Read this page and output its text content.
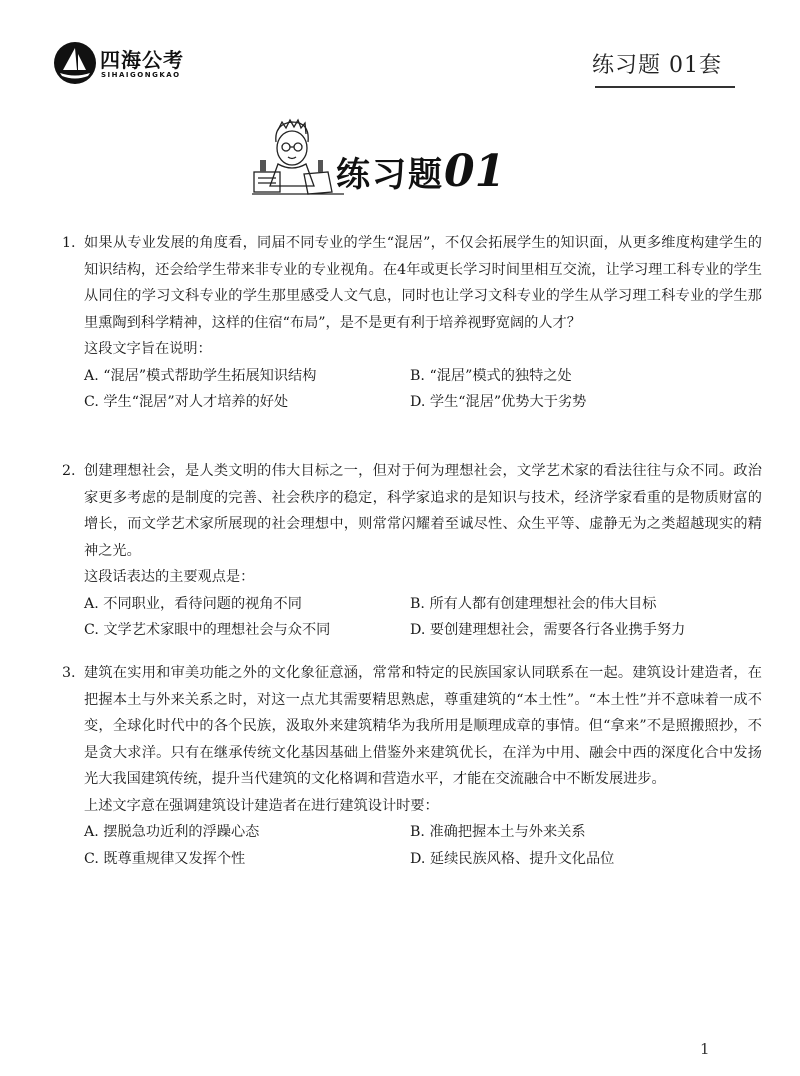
四海公考
SIHAIGONGKAO	练习题 01套
练习题01

1. 如果从专业发展的角度看，同届不同专业的学生“混居”，不仅会拓展学生的知识面，从更多维度构建学生的知识结构，还会给学生带来非专业的专业视角。在4年或更长学习时间里相互交流，让学习理工科专业的学生从同住的学习文科专业的学生那里感受人文气息，同时也让学习文科专业的学生从学习理工科专业的学生那里熏陶到科学精神，这样的住宿“布局”，是不是更有利于培养视野宽阔的人才？

这段文字旨在说明：

A. “混居”模式帮助学生拓展知识结构	B. “混居”模式的独特之处
C. 学生“混居”对人才培养的好处	D. 学生“混居”优势大于劣势

2. 创建理想社会，是人类文明的伟大目标之一，但对于何为理想社会，文学艺术家的看法往往与众不同。政治家更多考虑的是制度的完善、社会秩序的稳定，科学家追求的是知识与技术，经济学家看重的是物质财富的增长，而文学艺术家所展现的社会理想中，则常常闪耀着至诚尽性、众生平等、虚静无为之类超越现实的精神之光。

这段话表达的主要观点是：

A. 不同职业，看待问题的视角不同	B. 所有人都有创建理想社会的伟大目标
C. 文学艺术家眼中的理想社会与众不同	D. 要创建理想社会，需要各行各业携手努力

3. 建筑在实用和审美功能之外的文化象征意涵，常常和特定的民族国家认同联系在一起。建筑设计建造者，在把握本土与外来关系之时，对这一点尤其需要精思熟虑，尊重建筑的“本土性”。“本土性”并不意味着一成不变，全球化时代中的各个民族，汲取外来建筑精华为我所用是顺理成章的事情。但“拿来”不是照搬照抄，不是贪大求洋。只有在继承传统文化基因基础上借鉴外来建筑优长，在洋为中用、融会中西的深度化合中发扬光大我国建筑传统，提升当代建筑的文化格调和营造水平，才能在交流融合中不断发展进步。

上述文字意在强调建筑设计建造者在进行建筑设计时要：

A. 摆脱急功近利的浮躁心态	B. 准确把握本土与外来关系
C. 既尊重规律又发挥个性	D. 延续民族风格、提升文化品位
1
